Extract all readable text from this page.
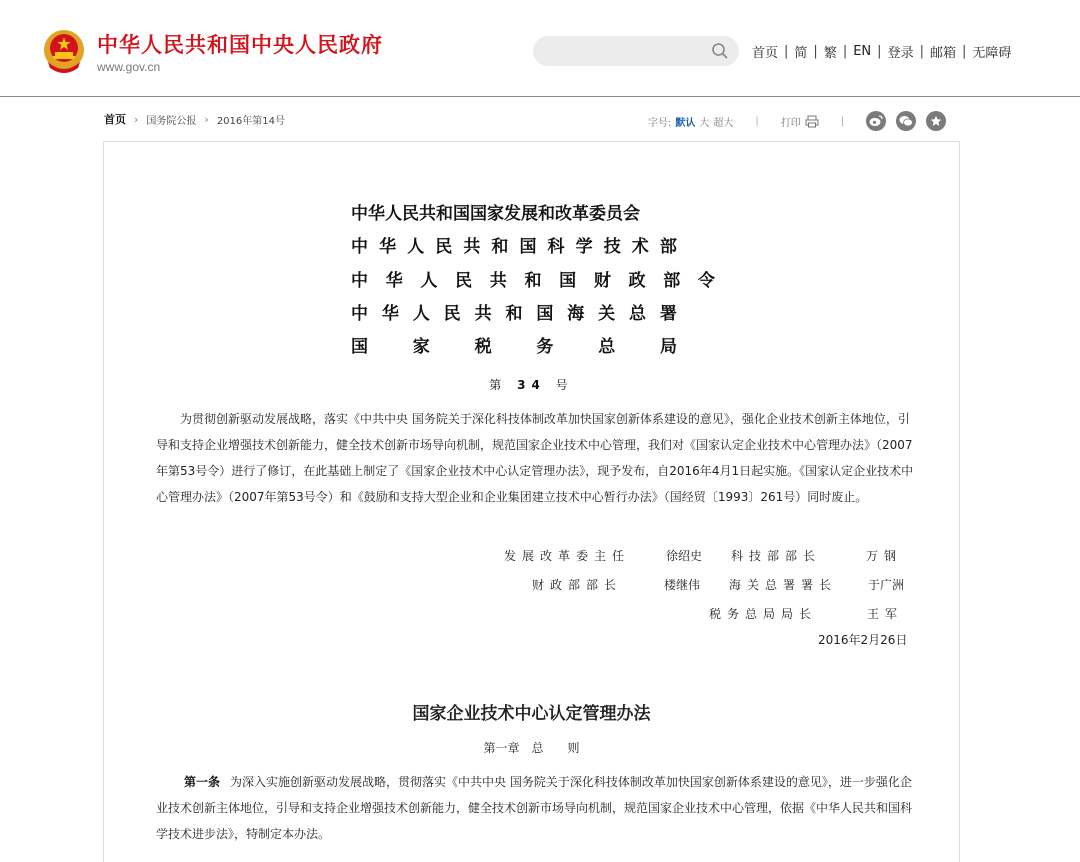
中华人民共和国中央人民政府
www.gov.cn
首页 | 简 | 繁 | EN | 登录 | 邮箱 | 无障碍
首页 › 国务院公报 › 2016年第14号	字号: 默认 大 超大 | 打印	|
中华人民共和国国家发展和改革委员会
中 华 人 民 共 和 国 科 学 技 术 部
中 华 人 民 共 和 国 财 政 部 令
中 华 人 民 共 和 国 海 关 总 署
国	家	税	务	总	局
第 34 号
为贯彻创新驱动发展战略，落实《中共中央 国务院关于深化科技体制改革加快国家创新体系建设的意见》，强化企业技术创新主体地位，引导和支持企业增强技术创新能力，健全技术创新市场导向机制，规范国家企业技术中心管理，我们对《国家认定企业技术中心管理办法》（2007年第53号令）进行了修订，在此基础上制定了《国家企业技术中心认定管理办法》，现予发布，自2016年4月1日起实施。《国家认定企业技术中心管理办法》（2007年第53号令）和《鼓励和支持大型企业和企业集团建立技术中心暂行办法》（国经贸〔1993〕261号）同时废止。
发展改革委主任	徐绍史 科技部部长	万钢
财政部部长	楼继伟 海关总署署长	于广洲
税务总局局长	王军
2016年2月26日
国家企业技术中心认定管理办法
第一章　总　　则
第一条 为深入实施创新驱动发展战略，贯彻落实《中共中央 国务院关于深化科技体制改革加快国家创新体系建设的意见》，进一步强化企业技术创新主体地位，引导和支持企业增强技术创新能力，健全技术创新市场导向机制，规范国家企业技术中心管理，依据《中华人民共和国科学技术进步法》，特制定本办法。
